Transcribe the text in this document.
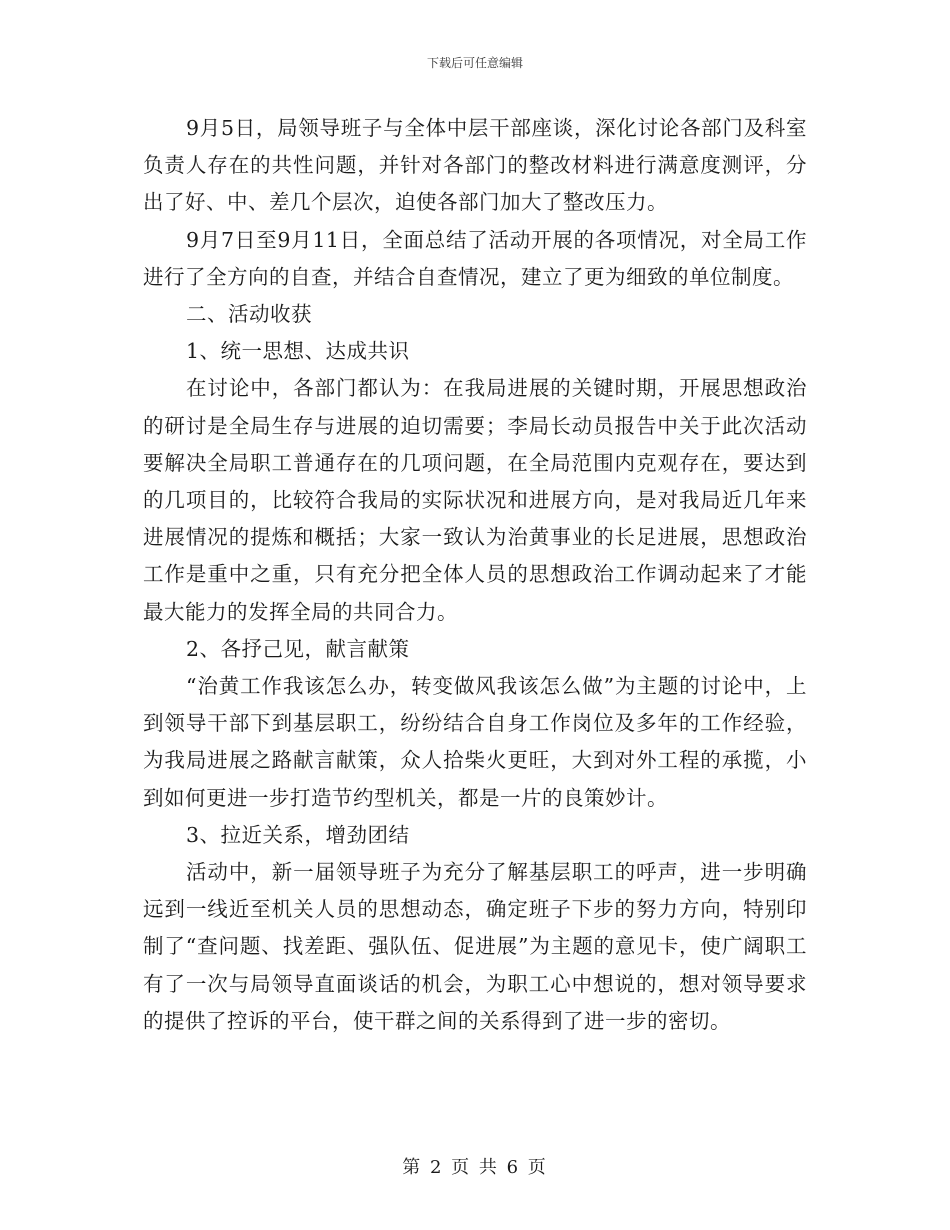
下载后可任意编辑

9月5日，局领导班子与全体中层干部座谈，深化讨论各部门及科室负责人存在的共性问题，并针对各部门的整改材料进行满意度测评，分出了好、中、差几个层次，迫使各部门加大了整改压力。

9月7日至9月11日，全面总结了活动开展的各项情况，对全局工作进行了全方向的自查，并结合自查情况，建立了更为细致的单位制度。

二、活动收获

1、统一思想、达成共识

在讨论中，各部门都认为：在我局进展的关键时期，开展思想政治的研讨是全局生存与进展的迫切需要；李局长动员报告中关于此次活动要解决全局职工普通存在的几项问题，在全局范围内克观存在，要达到的几项目的，比较符合我局的实际状况和进展方向，是对我局近几年来进展情况的提炼和概括；大家一致认为治黄事业的长足进展，思想政治工作是重中之重，只有充分把全体人员的思想政治工作调动起来了才能最大能力的发挥全局的共同合力。

2、各抒己见，献言献策

“治黄工作我该怎么办，转变做风我该怎么做”为主题的讨论中，上到领导干部下到基层职工，纷纷结合自身工作岗位及多年的工作经验，为我局进展之路献言献策，众人拾柴火更旺，大到对外工程的承揽，小到如何更进一步打造节约型机关，都是一片的良策妙计。

3、拉近关系，增劲团结

活动中，新一届领导班子为充分了解基层职工的呼声，进一步明确远到一线近至机关人员的思想动态，确定班子下步的努力方向，特别印制了“查问题、找差距、强队伍、促进展”为主题的意见卡，使广阔职工有了一次与局领导直面谈话的机会，为职工心中想说的，想对领导要求的提供了控诉的平台，使干群之间的关系得到了进一步的密切。

第 2 页 共 6 页
